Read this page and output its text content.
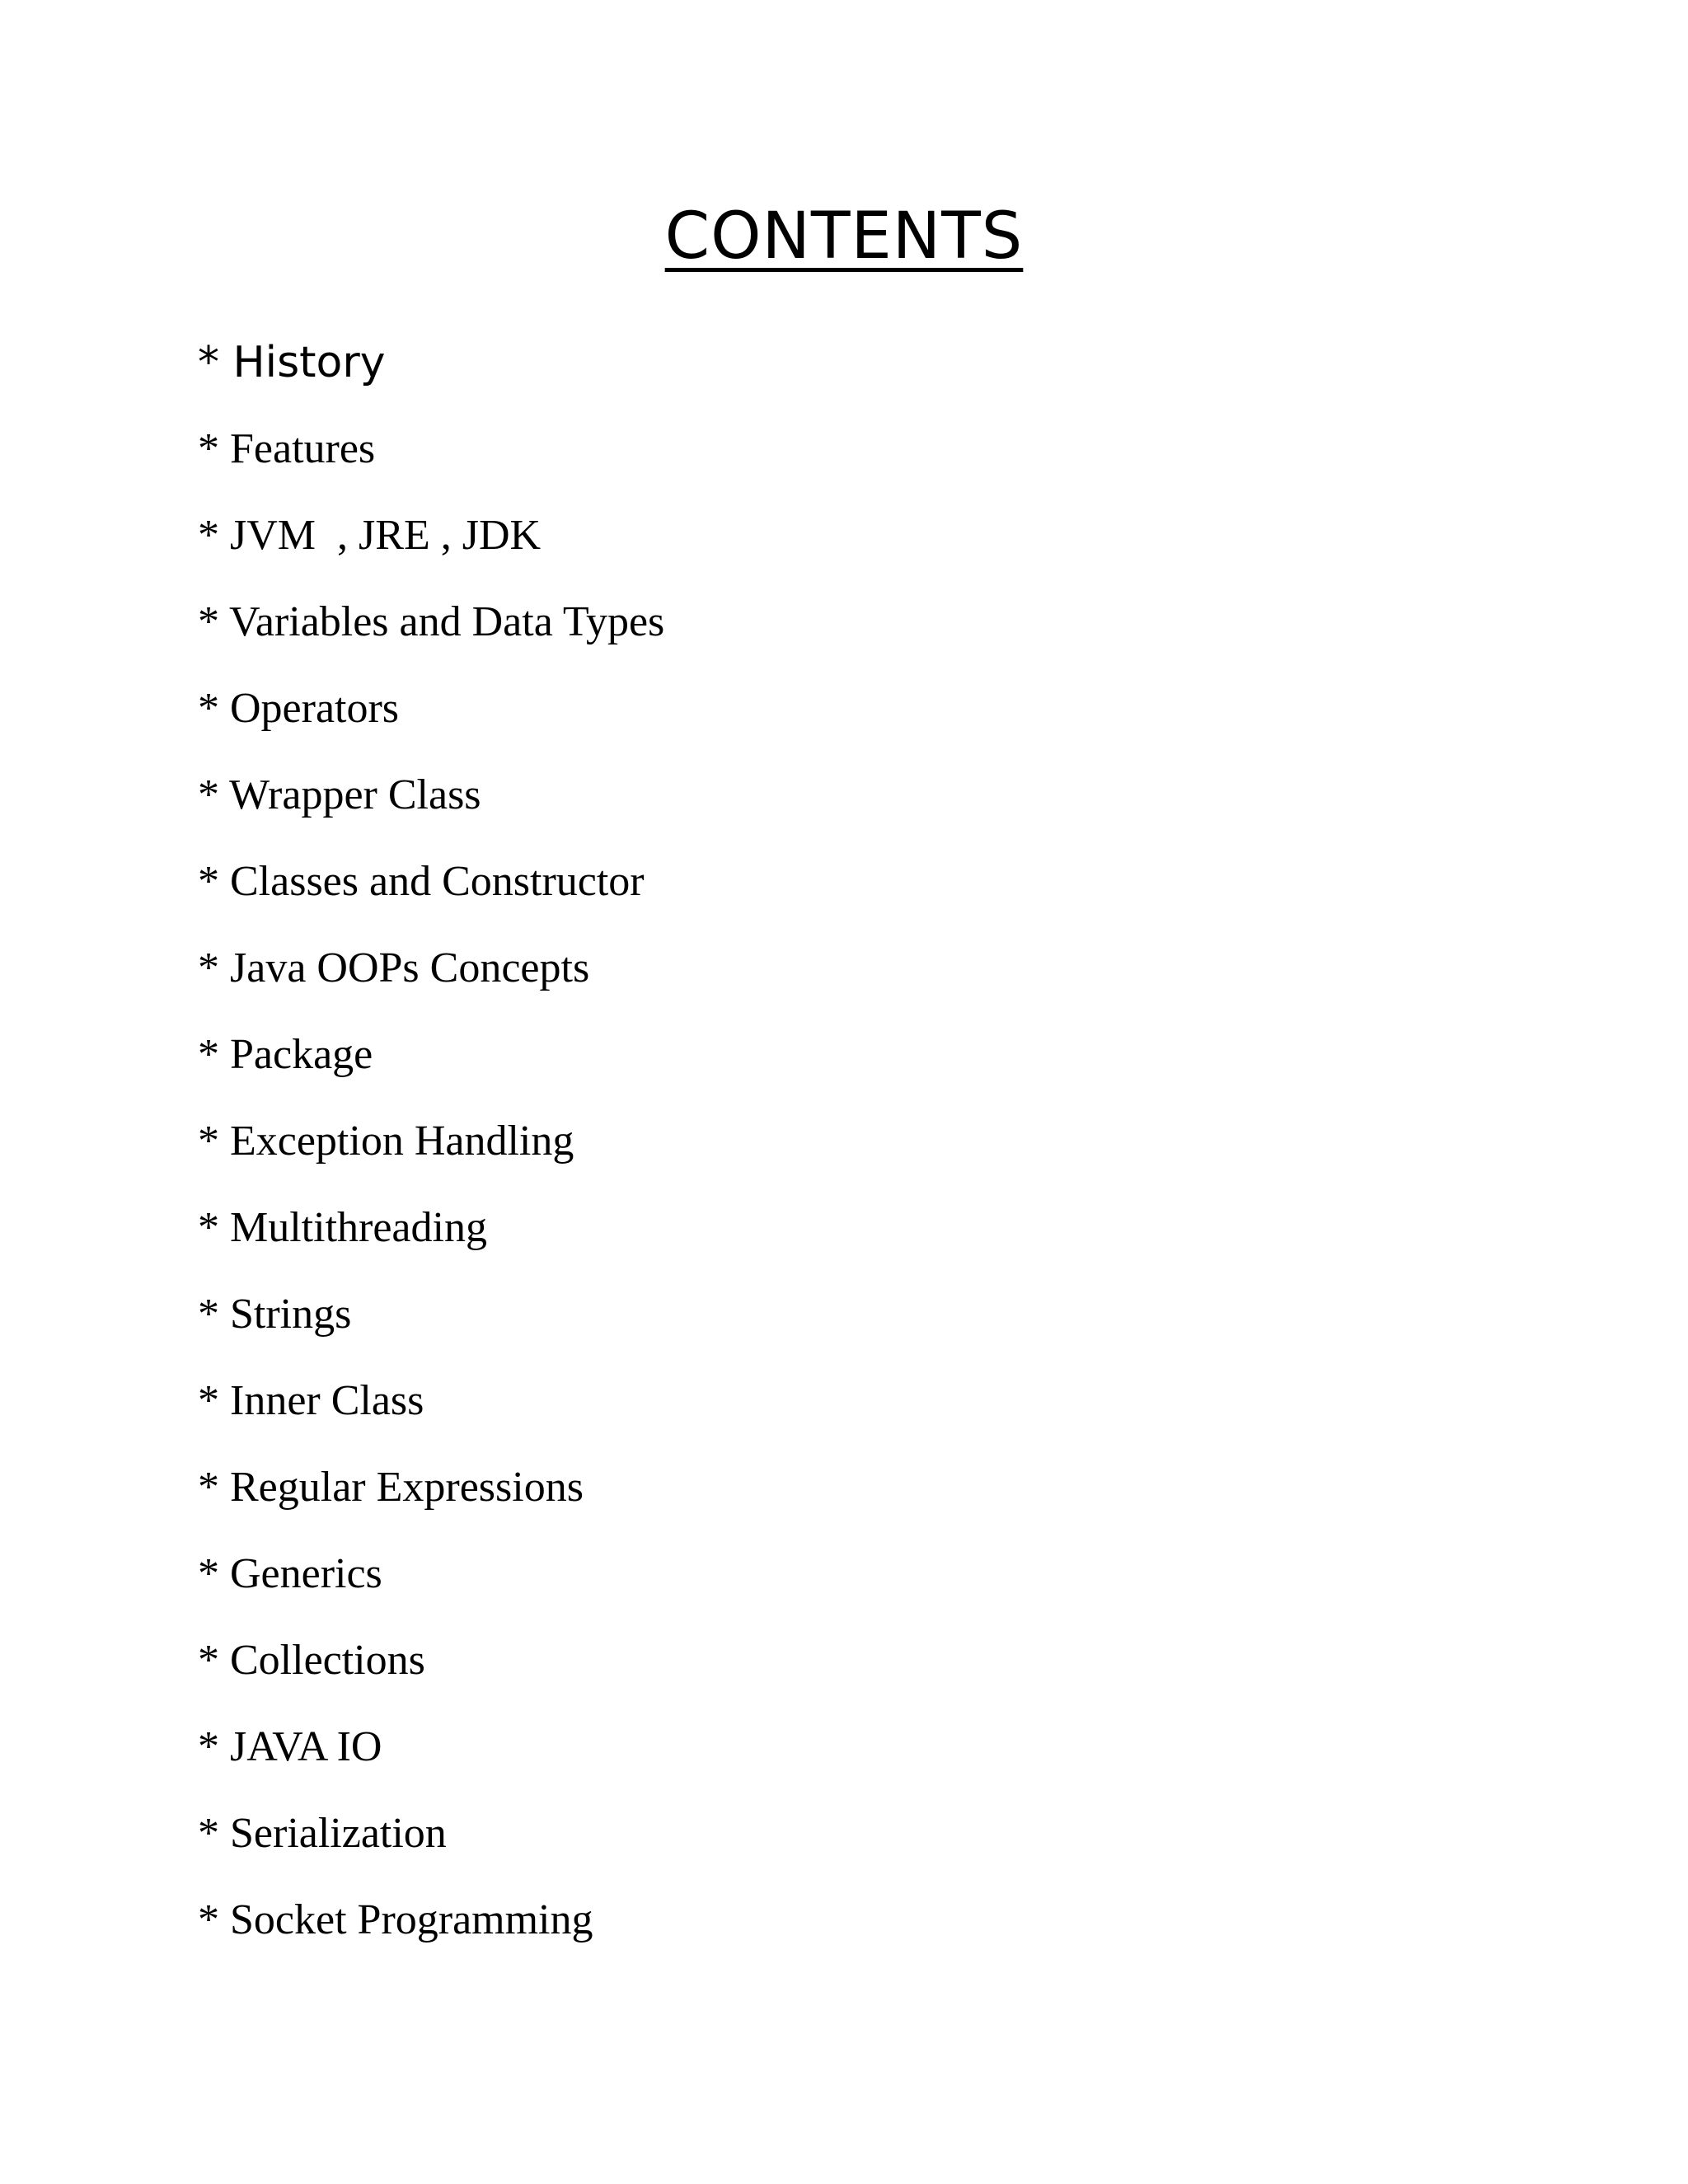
CONTENTS
* History
* Features
* JVM  , JRE , JDK
* Variables and Data Types
* Operators
* Wrapper Class
* Classes and Constructor
* Java OOPs Concepts
* Package
* Exception Handling
* Multithreading
* Strings
* Inner Class
* Regular Expressions
* Generics
* Collections
* JAVA IO
* Serialization
* Socket Programming
